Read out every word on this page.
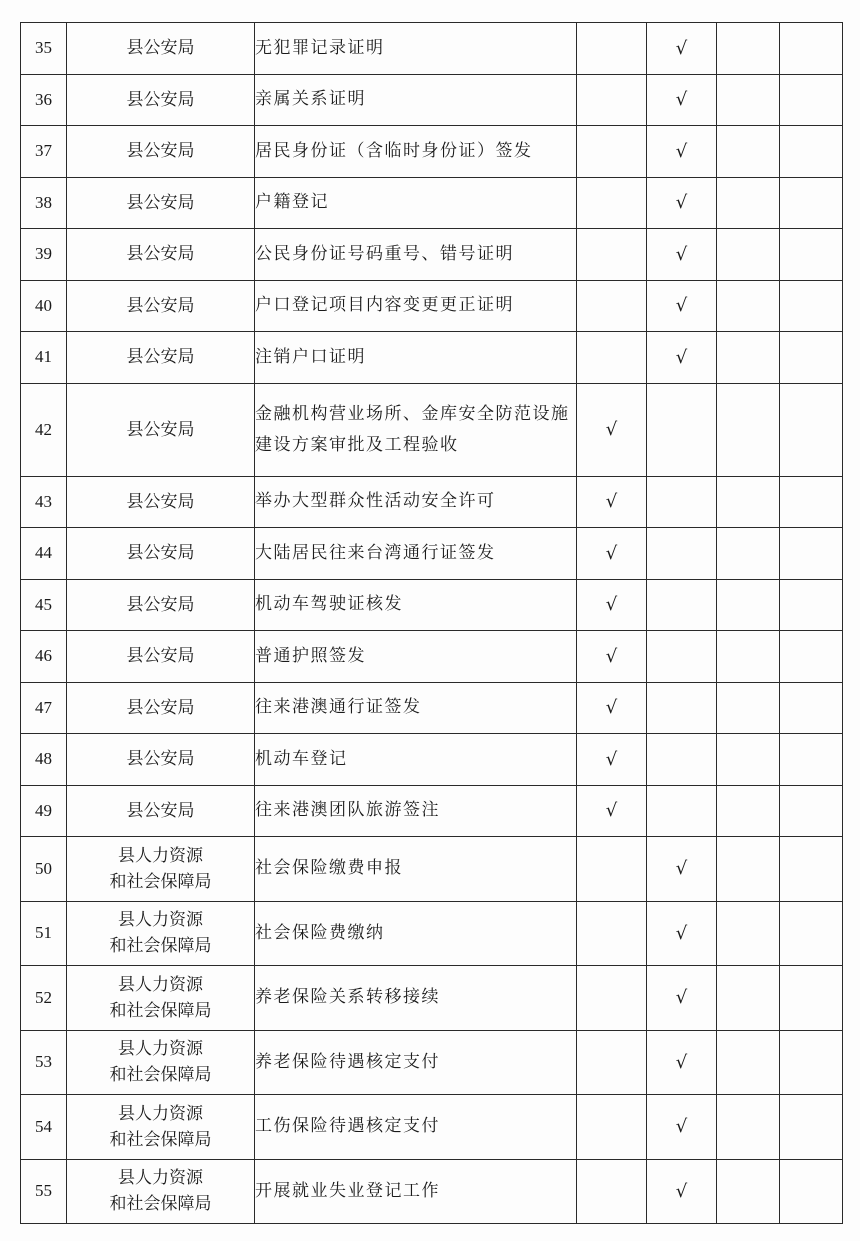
35	县公安局	无犯罪记录证明		√		
36	县公安局	亲属关系证明		√		
37	县公安局	居民身份证（含临时身份证）签发		√		
38	县公安局	户籍登记		√		
39	县公安局	公民身份证号码重号、错号证明		√		
40	县公安局	户口登记项目内容变更更正证明		√		
41	县公安局	注销户口证明		√		
42	县公安局	金融机构营业场所、金库安全防范设施建设方案审批及工程验收	√			
43	县公安局	举办大型群众性活动安全许可	√			
44	县公安局	大陆居民往来台湾通行证签发	√			
45	县公安局	机动车驾驶证核发	√			
46	县公安局	普通护照签发	√			
47	县公安局	往来港澳通行证签发	√			
48	县公安局	机动车登记	√			
49	县公安局	往来港澳团队旅游签注	√			
50	县人力资源
和社会保障局	社会保险缴费申报		√		
51	县人力资源
和社会保障局	社会保险费缴纳		√		
52	县人力资源
和社会保障局	养老保险关系转移接续		√		
53	县人力资源
和社会保障局	养老保险待遇核定支付		√		
54	县人力资源
和社会保障局	工伤保险待遇核定支付		√		
55	县人力资源
和社会保障局	开展就业失业登记工作		√		
